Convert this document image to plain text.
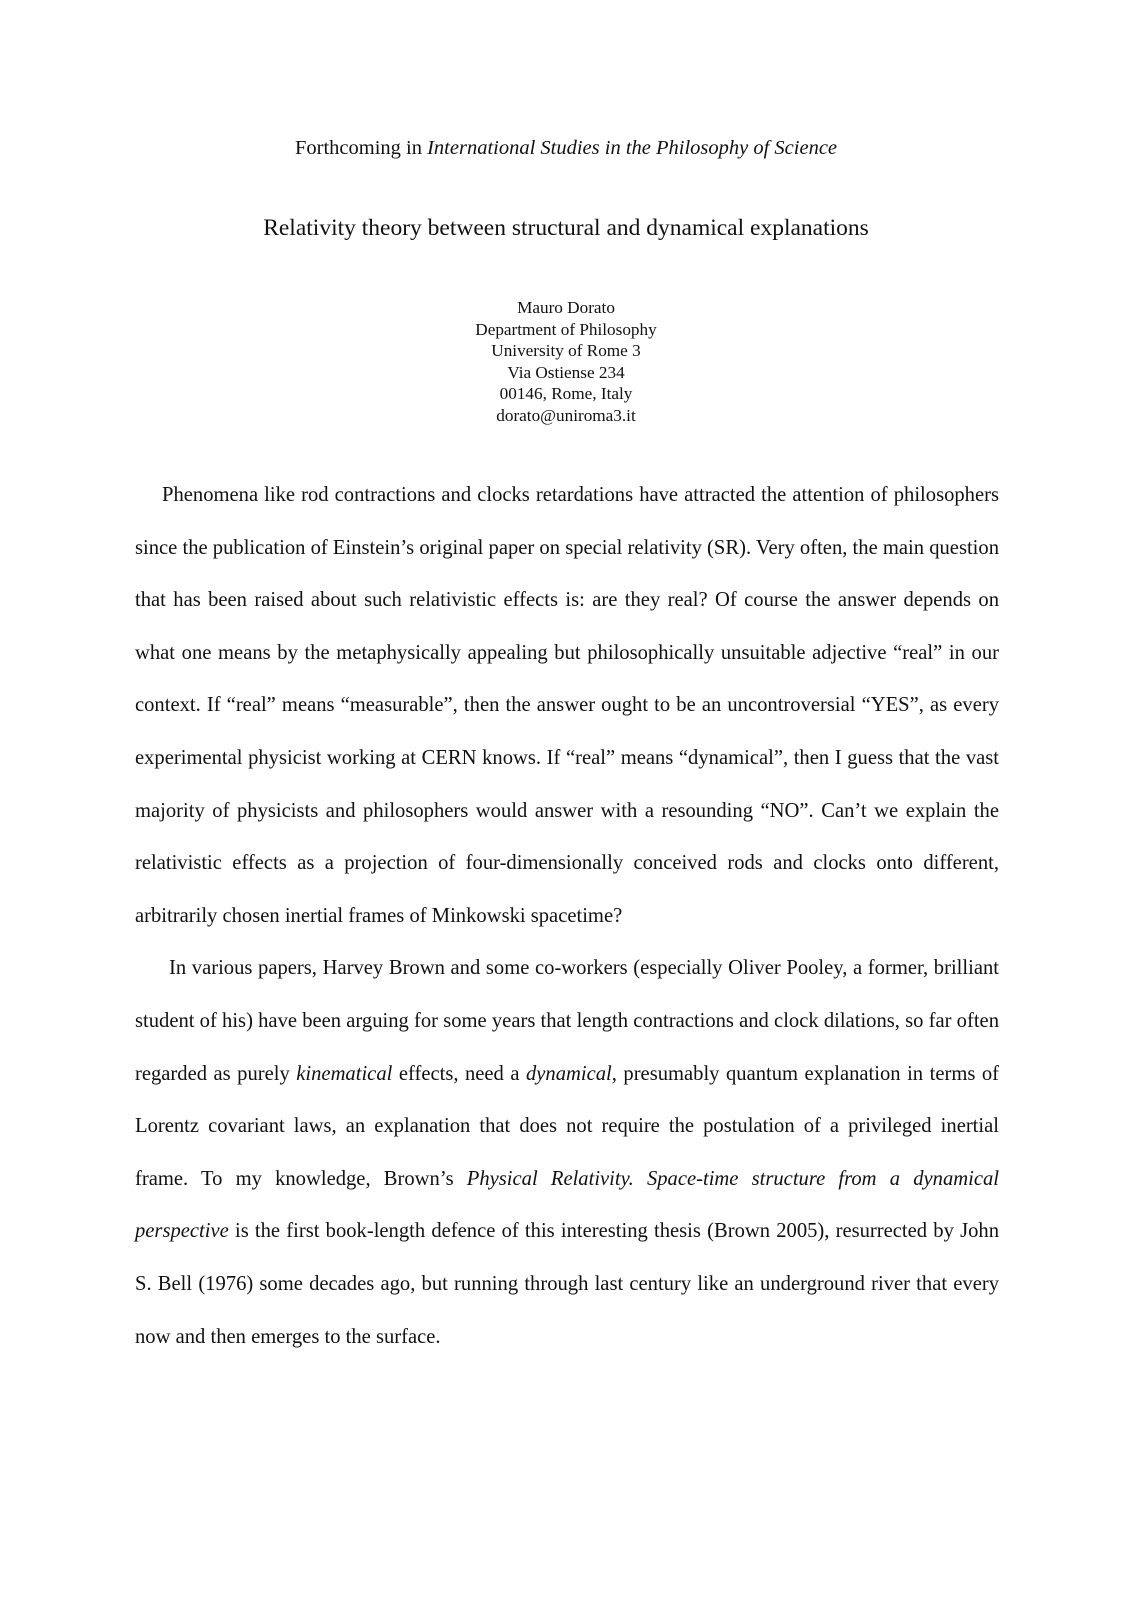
Forthcoming in International Studies in the Philosophy of Science
Relativity theory between structural and dynamical explanations
Mauro Dorato
Department of Philosophy
University of Rome 3
Via Ostiense 234
00146, Rome, Italy
dorato@uniroma3.it

Phenomena like rod contractions and clocks retardations have attracted the attention of philosophers since the publication of Einstein’s original paper on special relativity (SR). Very often, the main question that has been raised about such relativistic effects is: are they real? Of course the answer depends on what one means by the metaphysically appealing but philosophically unsuitable adjective “real” in our context. If “real” means “measurable”, then the answer ought to be an uncontroversial “YES”, as every experimental physicist working at CERN knows. If “real” means “dynamical”, then I guess that the vast majority of physicists and philosophers would answer with a resounding “NO”. Can’t we explain the relativistic effects as a projection of four-dimensionally conceived rods and clocks onto different, arbitrarily chosen inertial frames of Minkowski spacetime?

In various papers, Harvey Brown and some co-workers (especially Oliver Pooley, a former, brilliant student of his) have been arguing for some years that length contractions and clock dilations, so far often regarded as purely kinematical effects, need a dynamical, presumably quantum explanation in terms of Lorentz covariant laws, an explanation that does not require the postulation of a privileged inertial frame. To my knowledge, Brown’s Physical Relativity. Space-time structure from a dynamical perspective is the first book-length defence of this interesting thesis (Brown 2005), resurrected by John S. Bell (1976) some decades ago, but running through last century like an underground river that every now and then emerges to the surface.
